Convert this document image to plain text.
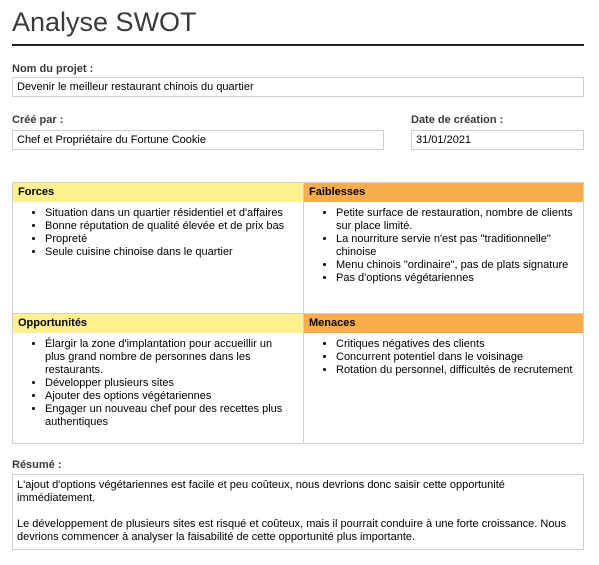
Analyse SWOT
Nom du projet :
Devenir le meilleur restaurant chinois du quartier
Créé par :
Chef et Propriétaire du Fortune Cookie
Date de création :
31/01/2021
Forces
• Situation dans un quartier résidentiel et d'affaires
• Bonne réputation de qualité élevée et de prix bas
• Propreté
• Seule cuisine chinoise dans le quartier
Faiblesses
• Petite surface de restauration, nombre de clients sur place limité.
• La nourriture servie n'est pas "traditionnelle" chinoise
• Menu chinois "ordinaire", pas de plats signature
• Pas d'options végétariennes
Opportunités
• Élargir la zone d'implantation pour accueillir un plus grand nombre de personnes dans les restaurants.
• Développer plusieurs sites
• Ajouter des options végétariennes
• Engager un nouveau chef pour des recettes plus authentiques
Menaces
• Critiques négatives des clients
• Concurrent potentiel dans le voisinage
• Rotation du personnel, difficultés de recrutement
Résumé :

L'ajout d'options végétariennes est facile et peu coûteux, nous devrions donc saisir cette opportunité immédiatement.

Le développement de plusieurs sites est risqué et coûteux, mais il pourrait conduire à une forte croissance. Nous devrions commencer à analyser la faisabilité de cette opportunité plus importante.
